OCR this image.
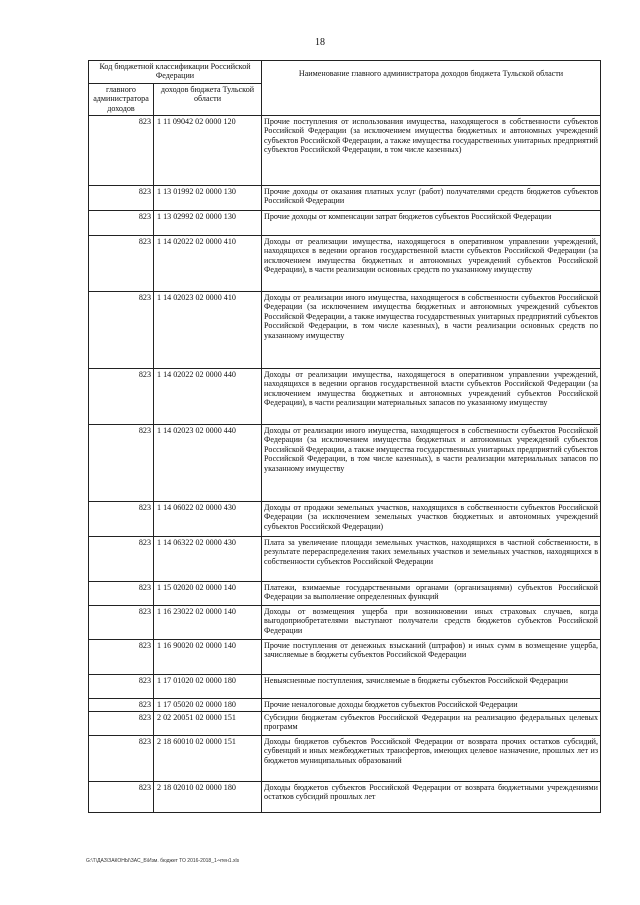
18
Код бюджетной классификации Российской Федерации		Наименование главного администратора доходов бюджета Тульской области
главного администратора доходов	доходов бюджета Тульской области	
823	1 11 09042 02 0000 120	Прочие поступления от использования имущества, находящегося в собственности субъектов Российской Федерации (за исключением имущества бюджетных и автономных учреждений субъектов Российской Федерации, а также имущества государственных унитарных предприятий субъектов Российской Федерации, в том числе казенных)
823	1 13 01992 02 0000 130	Прочие доходы от оказания платных услуг (работ) получателями средств бюджетов субъектов Российской Федерации
823	1 13 02992 02 0000 130	Прочие доходы от компенсации затрат бюджетов субъектов Российской Федерации
823	1 14 02022 02 0000 410	Доходы от реализации имущества, находящегося в оперативном управлении учреждений, находящихся в ведении органов государственной власти субъектов Российской Федерации (за исключением имущества бюджетных и автономных учреждений субъектов Российской Федерации), в части реализации основных средств по указанному имуществу
823	1 14 02023 02 0000 410	Доходы от реализации иного имущества, находящегося в собственности субъектов Российской Федерации (за исключением имущества бюджетных и автономных учреждений субъектов Российской Федерации, а также имущества государственных унитарных предприятий субъектов Российской Федерации, в том числе казенных), в части реализации основных средств по указанному имуществу
823	1 14 02022 02 0000 440	Доходы от реализации имущества, находящегося в оперативном управлении учреждений, находящихся в ведении органов государственной власти субъектов Российской Федерации (за исключением имущества бюджетных и автономных учреждений субъектов Российской Федерации), в части реализации материальных запасов по указанному имуществу
823	1 14 02023 02 0000 440	Доходы от реализации иного имущества, находящегося в собственности субъектов Российской Федерации (за исключением имущества бюджетных и автономных учреждений субъектов Российской Федерации, а также имущества государственных унитарных предприятий субъектов Российской Федерации, в том числе казенных), в части реализации материальных запасов по указанному имуществу
823	1 14 06022 02 0000 430	Доходы от продажи земельных участков, находящихся в собственности субъектов Российской Федерации (за исключением земельных участков бюджетных и автономных учреждений субъектов Российской Федерации)
823	1 14 06322 02 0000 430	Плата за увеличение площади земельных участков, находящихся в частной собственности, в результате перераспределения таких земельных участков и земельных участков, находящихся в собственности субъектов Российской Федерации
823	1 15 02020 02 0000 140	Платежи, взимаемые государственными органами (организациями) субъектов Российской Федерации за выполнение определенных функций
823	1 16 23022 02 0000 140	Доходы от возмещения ущерба при возникновении иных страховых случаев, когда выгодоприобретателями выступают получатели средств бюджетов субъектов Российской Федерации
823	1 16 90020 02 0000 140	Прочие поступления от денежных взысканий (штрафов) и иных сумм в возмещение ущерба, зачисляемые в бюджеты субъектов Российской Федерации
823	1 17 01020 02 0000 180	Невыясненные поступления, зачисляемые в бюджеты субъектов Российской Федерации
823	1 17 05020 02 0000 180	Прочие неналоговые доходы бюджетов субъектов Российской Федерации
823	2 02 20051 02 0000 151	Субсидии бюджетам субъектов Российской Федерации на реализацию федеральных целевых программ
823	2 18 60010 02 0000 151	Доходы бюджетов субъектов Российской Федерации от возврата прочих остатков субсидий, субвенций и иных межбюджетных трансфертов, имеющих целевое назначение, прошлых лет из бюджетов муниципальных образований
823	2 18 02010 02 0000 180	Доходы бюджетов субъектов Российской Федерации от возврата бюджетными учреждениями остатков субсидий прошлых лет
G:\Т\ДАЗ\ЗАКОНЫ\ЗАС_Б\Изм. бюджет ТО 2016-2018_1-чтен1.xls
